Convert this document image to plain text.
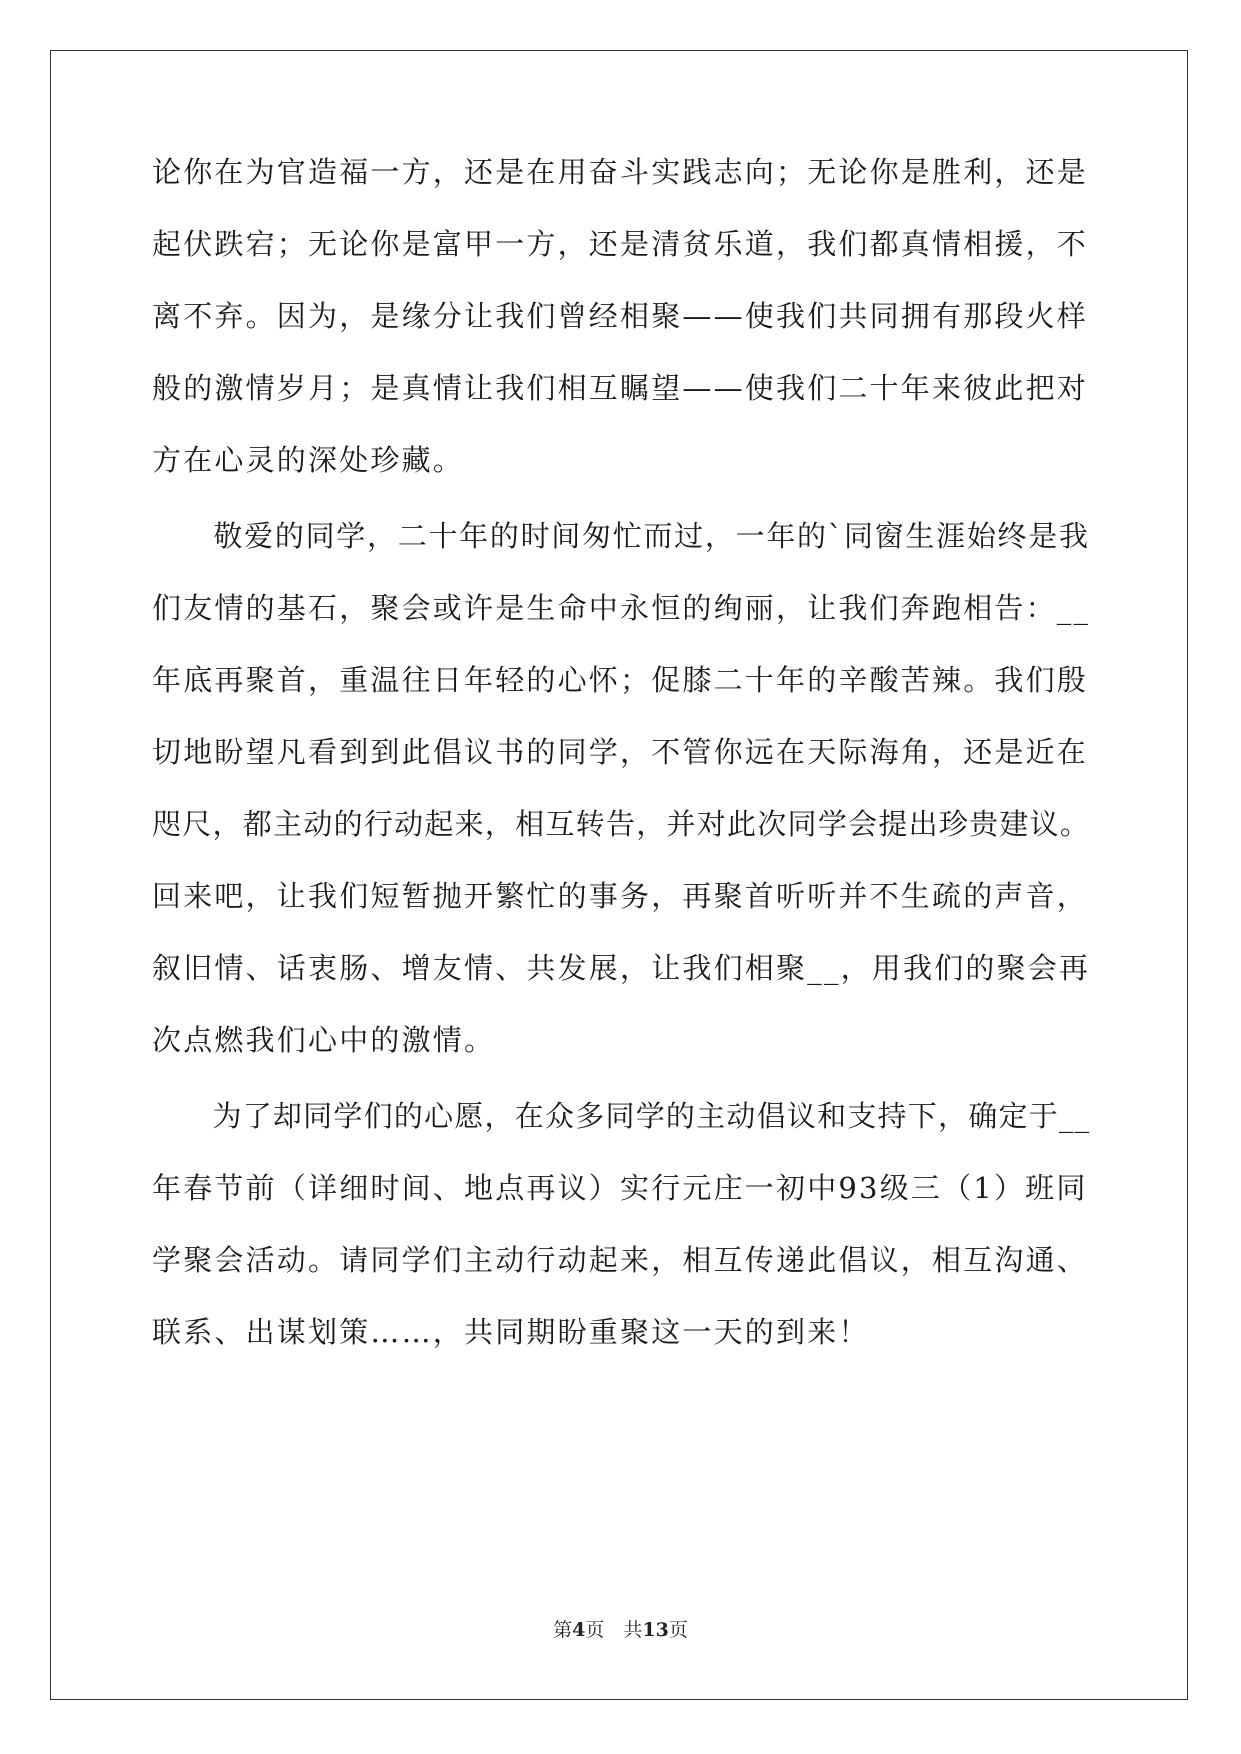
论你在为官造福一方，还是在用奋斗实践志向；无论你是胜利，还是
起伏跌宕；无论你是富甲一方，还是清贫乐道，我们都真情相援，不
离不弃。因为，是缘分让我们曾经相聚——使我们共同拥有那段火样
般的激情岁月；是真情让我们相互瞩望——使我们二十年来彼此把对
方在心灵的深处珍藏。
　　敬爱的同学，二十年的时间匆忙而过，一年的`同窗生涯始终是我
们友情的基石，聚会或许是生命中永恒的绚丽，让我们奔跑相告：__
年底再聚首，重温往日年轻的心怀；促膝二十年的辛酸苦辣。我们殷
切地盼望凡看到到此倡议书的同学，不管你远在天际海角，还是近在
咫尺，都主动的行动起来，相互转告，并对此次同学会提出珍贵建议。
回来吧，让我们短暂抛开繁忙的事务，再聚首听听并不生疏的声音，
叙旧情、话衷肠、增友情、共发展，让我们相聚__，用我们的聚会再
次点燃我们心中的激情。
　　为了却同学们的心愿，在众多同学的主动倡议和支持下，确定于__
年春节前（详细时间、地点再议）实行元庄一初中93级三（1）班同
学聚会活动。请同学们主动行动起来，相互传递此倡议，相互沟通、
联系、出谋划策……，共同期盼重聚这一天的到来！
第4页　共13页
